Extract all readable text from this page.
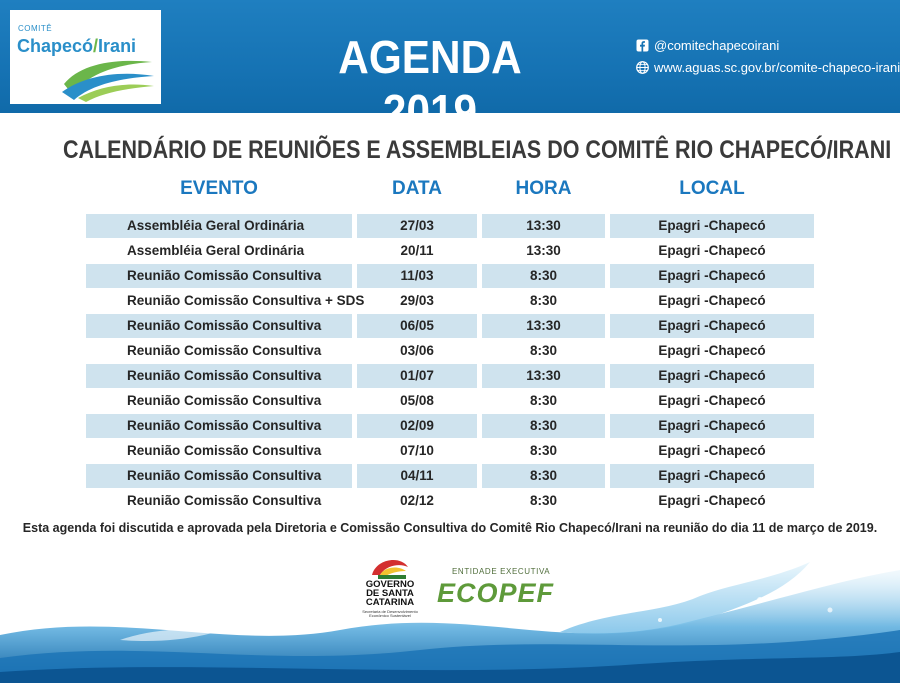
COMITÊ
Chapecó/Irani	AGENDA 2019
@comitechapecoirani
www.aguas.sc.gov.br/comite-chapeco-irani
CALENDÁRIO DE REUNIÕES E ASSEMBLEIAS DO COMITÊ RIO CHAPECÓ/IRANI
EVENTO	DATA	HORA	LOCAL
Assembléia Geral Ordinária	27/03	13:30	Epagri -Chapecó
Assembléia Geral Ordinária	20/11	13:30	Epagri -Chapecó
Reunião Comissão Consultiva	11/03	8:30	Epagri -Chapecó
Reunião Comissão Consultiva + SDS	29/03	8:30	Epagri -Chapecó
Reunião Comissão Consultiva	06/05	13:30	Epagri -Chapecó
Reunião Comissão Consultiva	03/06	8:30	Epagri -Chapecó
Reunião Comissão Consultiva	01/07	13:30	Epagri -Chapecó
Reunião Comissão Consultiva	05/08	8:30	Epagri -Chapecó
Reunião Comissão Consultiva	02/09	8:30	Epagri -Chapecó
Reunião Comissão Consultiva	07/10	8:30	Epagri -Chapecó
Reunião Comissão Consultiva	04/11	8:30	Epagri -Chapecó
Reunião Comissão Consultiva	02/12	8:30	Epagri -Chapecó
Esta agenda foi discutida e aprovada pela Diretoria e Comissão Consultiva do Comitê Rio Chapecó/Irani na reunião do dia 11 de março de 2019.
GOVERNO
DE SANTA
CATARINA
Secretaria de Desenvolvimento Econômico Sustentável
ENTIDADE EXECUTIVA
ECOPEF
